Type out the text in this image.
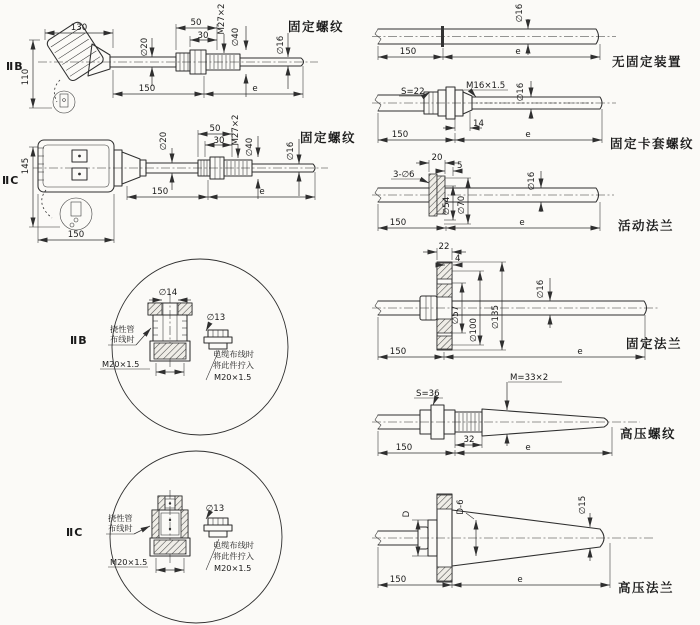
130
110
∅20
50
30
M27×2
∅40	∅16
固定螺纹
150	e
ⅡB
145
150
∅20
50
30 M27×2
∅40	∅16
固定螺纹
150	e
ⅡC
∅14
挠性管
布线时
M20×1.5
∅13
电缆布线时
将此件拧入
M20×1.5
ⅡB
挠性管
布线时
M20×1.5
∅13
电缆布线时
将此件拧入
M20×1.5
ⅡC
∅16
150	e
无固定装置
S=22
M16×1.5 ∅16
14
150	e
固定卡套螺纹
∅54 ∅70
20
5
3-∅6	∅16
150	e	活动法兰
22
4
∅57
∅100
∅135
∅16
150	e
固定法兰
S=36
M=33×2
32
150	e
高压螺纹
D	D-6	∅15
150	e	高压法兰
